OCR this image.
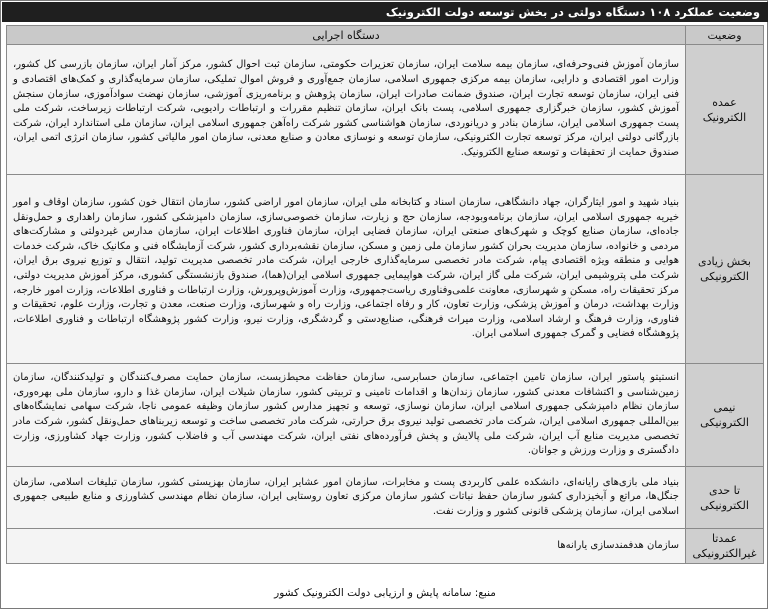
وضعیت عملکرد ۱۰۸ دستگاه دولتی در بخش توسعه دولت الکترونیک
وضعیت	دستگاه اجرایی
عمده الکترونیک	سازمان آموزش فنی‌وحرفه‌ای، سازمان بیمه سلامت ایران، سازمان تعزیرات حکومتی، سازمان ثبت احوال کشور، مرکز آمار ایران، سازمان بازرسی کل کشور، وزارت امور اقتصادی و دارایی، سازمان بیمه مرکزی جمهوری اسلامی، سازمان جمع‌آوری و فروش اموال تملیکی، سازمان سرمایه‌گذاری و کمک‌های اقتصادی و فنی ایران، سازمان توسعه تجارت ایران، صندوق ضمانت صادرات ایران، سازمان پژوهش و برنامه‌ریزی آموزشی، سازمان نهضت سوادآموزی، سازمان سنجش آموزش کشور، سازمان خبرگزاری جمهوری اسلامی، پست بانک ایران، سازمان تنظیم مقررات و ارتباطات رادیویی، شرکت ارتباطات زیرساخت، شرکت ملی پست جمهوری اسلامی ایران، سازمان بنادر و دریانوردی، سازمان هواشناسی کشور شرکت راه‌آهن جمهوری اسلامی ایران، سازمان ملی استاندارد ایران، شرکت بازرگانی دولتی ایران، مرکز توسعه تجارت الکترونیکی، سازمان توسعه و نوسازی معادن و صنایع معدنی، سازمان امور مالیاتی کشور، سازمان انرژی اتمی ایران، صندوق حمایت از تحقیقات و توسعه صنایع الکترونیک.
بخش زیادی الکترونیکی	بنیاد شهید و امور ایثارگران، جهاد دانشگاهی، سازمان اسناد و کتابخانه ملی ایران، سازمان امور اراضی کشور، سازمان انتقال خون کشور، سازمان اوقاف و امور خیریه جمهوری اسلامی ایران، سازمان برنامه‌وبودجه، سازمان حج و زیارت، سازمان خصوصی‌سازی، سازمان دامپزشکی کشور، سازمان راهداری و حمل‌ونقل جاده‌ای، سازمان صنایع کوچک و شهرک‌های صنعتی ایران، سازمان فضایی ایران، سازمان فناوری اطلاعات ایران، سازمان مدارس غیردولتی و مشارکت‌های مردمی و خانواده، سازمان مدیریت بحران کشور سازمان ملی زمین و مسکن، سازمان نقشه‌برداری کشور، شرکت آزمایشگاه فنی و مکانیک خاک، شرکت خدمات هوایی و منطقه ویژه اقتصادی پیام، شرکت مادر تخصصی سرمایه‌گذاری خارجی ایران، شرکت مادر تخصصی مدیریت تولید، انتقال و توزیع نیروی برق ایران، شرکت ملی پتروشیمی ایران، شرکت ملی گاز ایران، شرکت هواپیمایی جمهوری اسلامی ایران(هما)، صندوق بازنشستگی کشوری، مرکز آموزش مدیریت دولتی، مرکز تحقیقات راه، مسکن و شهرسازی، معاونت علمی‌وفناوری ریاست‌جمهوری، وزارت آموزش‌وپرورش، وزارت ارتباطات و فناوری اطلاعات، وزارت امور خارجه، وزارت بهداشت، درمان و آموزش پزشکی، وزارت تعاون، کار و رفاه اجتماعی، وزارت راه و شهرسازی، وزارت صنعت، معدن و تجارت، وزارت علوم، تحقیقات و فناوری، وزارت فرهنگ و ارشاد اسلامی، وزارت میراث فرهنگی، صنایع‌دستی و گردشگری، وزارت نیرو، وزارت کشور پژوهشگاه ارتباطات و فناوری اطلاعات، پژوهشگاه فضایی و گمرک جمهوری اسلامی ایران.
نیمی الکترونیکی	انستیتو پاستور ایران، سازمان تامین اجتماعی، سازمان حسابرسی، سازمان حفاظت محیط‌زیست، سازمان حمایت مصرف‌کنندگان و تولیدکنندگان، سازمان زمین‌شناسی و اکتشافات معدنی کشور، سازمان زندان‌ها و اقدامات تامینی و تربیتی کشور، سازمان شیلات ایران، سازمان غذا و دارو، سازمان ملی بهره‌وری، سازمان نظام دامپزشکی جمهوری اسلامی ایران، سازمان نوسازی، توسعه و تجهیز مدارس کشور سازمان وظیفه عمومی ناجا، شرکت سهامی نمایشگاه‌های بین‌المللی جمهوری اسلامی ایران، شرکت مادر تخصصی تولید نیروی برق حرارتی، شرکت مادر تخصصی ساخت و توسعه زیربناهای حمل‌ونقل کشور، شرکت مادر تخصصی مدیریت منابع آب ایران، شرکت ملی پالایش و پخش فرآورده‌های نفتی ایران، شرکت مهندسی آب و فاضلاب کشور، وزارت جهاد کشاورزی، وزارت دادگستری و وزارت ورزش و جوانان.
تا حدی الکترونیکی	بنیاد ملی بازی‌های رایانه‌ای، دانشکده علمی کاربردی پست و مخابرات، سازمان امور عشایر ایران، سازمان بهزیستی کشور، سازمان تبلیغات اسلامی، سازمان جنگل‌ها، مراتع و آبخیزداری کشور سازمان حفظ نباتات کشور سازمان مرکزی تعاون روستایی ایران، سازمان نظام مهندسی کشاورزی و منابع طبیعی جمهوری اسلامی ایران، سازمان پزشکی قانونی کشور و وزارت نفت.
عمدتا غیرالکترونیکی	سازمان هدفمندسازی یارانه‌ها
منبع: سامانه پایش و ارزیابی دولت الکترونیک کشور
